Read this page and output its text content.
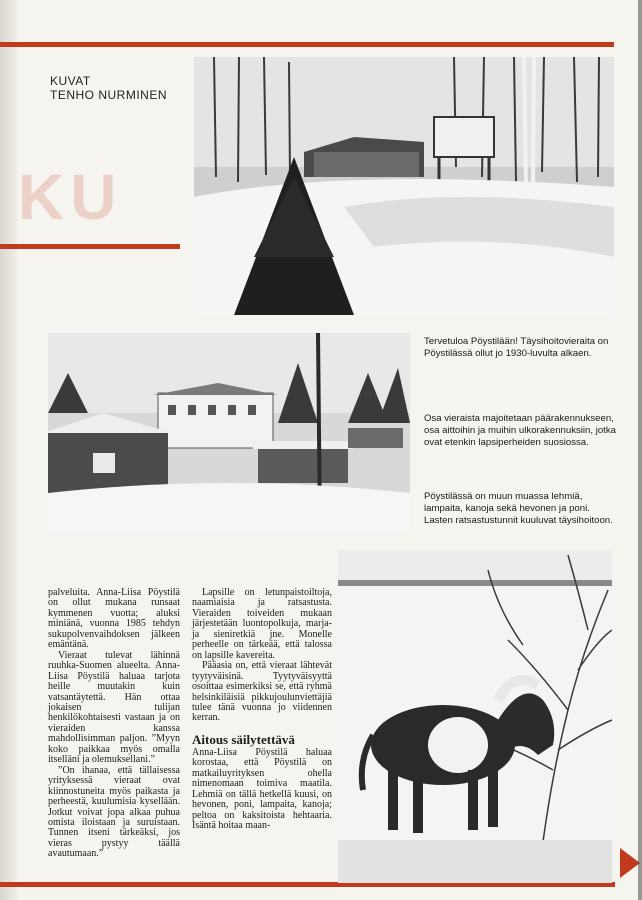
KU
KUVAT
TENHO NURMINEN
Tervetuloa Pöystilään! Täysihoitovieraita on Pöystilässä ollut jo 1930-luvulta alkaen.
Osa vieraista majoitetaan päärakennukseen, osa aittoihin ja muihin ulkorakennuksiin, jotka ovat etenkin lapsiperheiden suosiossa.
Pöystilässä on muun muassa lehmiä, lampaita, kanoja sekä hevonen ja poni. Lasten ratsastustunnit kuuluvat täysihoitoon.

palveluita. Anna-Liisa Pöystilä on ollut mukana runsaat kymmenen vuotta; aluksi miniänä, vuonna 1985 tehdyn sukupolvenvaihdoksen jälkeen emäntänä.

Vieraat tulevat lähinnä ruuhka-Suomen alueelta. Anna-Liisa Pöystilä haluaa tarjota heille muutakin kuin vatsantäytettä. Hän ottaa jokaisen tulijan henkilökohtaisesti vastaan ja on vieraiden kanssa mahdollisimman paljon. ”Myyn koko paikkaa myös omalla itselläni ja olemuksellani.”

”On ihanaa, että tällaisessa yrityksessä vieraat ovat kiinnostuneita myös paikasta ja perheestä, kuulumisia kysellään. Jotkut voivat jopa alkaa puhua omista iloistaan ja suruistaan. Tunnen itseni tärkeäksi, jos vieras pystyy täällä avautumaan.”

Lapsille on letunpaistoiltoja, naamiaisia ja ratsastusta. Vieraiden toiveiden mukaan järjestetään luontopolkuja, marja- ja sieniretkiä jne. Monelle perheelle on tärkeää, että talossa on lapsille kavereita.

Pääasia on, että vieraat lähtevät tyytyväisinä. Tyytyväisyyttä osoittaa esimerkiksi se, että ryhmä helsinkiläisiä pikkujoulunviettäjiä tulee tänä vuonna jo viidennen kerran.

Aitous säilytettävä

Anna-Liisa Pöystilä haluaa korostaa, että Pöystilä on matkailuyrityksen ohella nimenomaan toimiva maatila. Lehmiä on tällä hetkellä kuusi, on hevonen, poni, lampaita, kanoja; peltoa on kaksitoista hehtaaria. Isäntä hoitaa maan-
